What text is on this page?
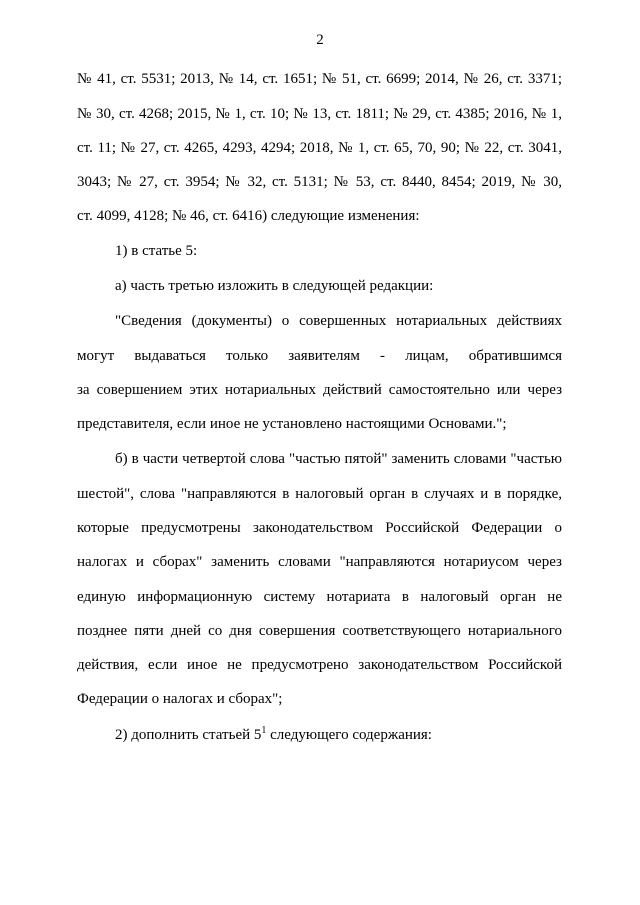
2
№ 41, ст. 5531; 2013, № 14, ст. 1651; № 51, ст. 6699; 2014, № 26, ст. 3371;
№ 30, ст. 4268; 2015, № 1, ст. 10; № 13, ст. 1811; № 29, ст. 4385; 2016, № 1,
ст. 11; № 27, ст. 4265, 4293, 4294; 2018, № 1, ст. 65, 70, 90; № 22, ст. 3041,
3043; № 27, ст. 3954; № 32, ст. 5131; № 53, ст. 8440, 8454; 2019, № 30,
ст. 4099, 4128; № 46, ст. 6416) следующие изменения:
1) в статье 5:
а) часть третью изложить в следующей редакции:
"Сведения (документы) о совершенных нотариальных действиях
могут выдаваться только заявителям - лицам, обратившимся
за совершением этих нотариальных действий самостоятельно или через
представителя, если иное не установлено настоящими Основами.";
б) в части четвертой слова "частью пятой" заменить словами "частью
шестой", слова "направляются в налоговый орган в случаях и в порядке,
которые предусмотрены законодательством Российской Федерации о
налогах и сборах" заменить словами "направляются нотариусом через
единую информационную систему нотариата в налоговый орган не
позднее пяти дней со дня совершения соответствующего нотариального
действия, если иное не предусмотрено законодательством Российской
Федерации о налогах и сборах";
2) дополнить статьей $5^1$ следующего содержания:
